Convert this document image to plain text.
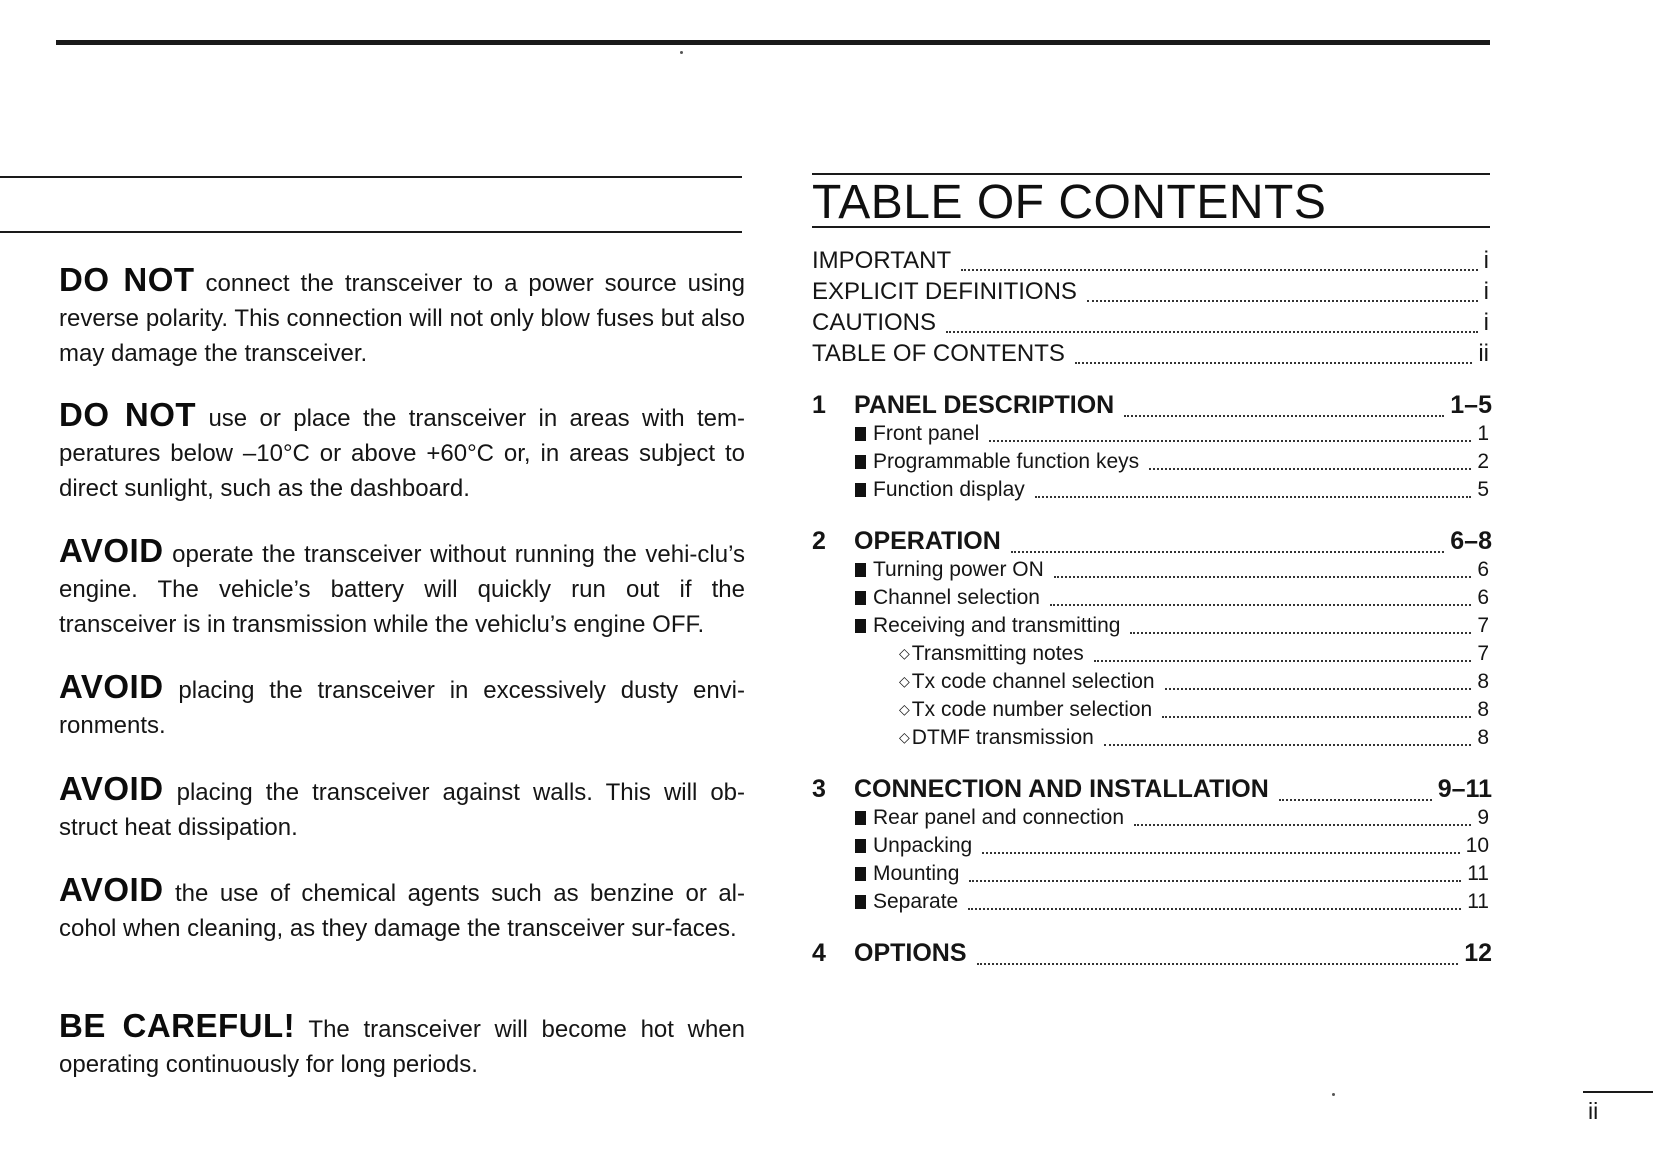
DO NOT connect the transceiver to a power source using reverse polarity. This connection will not only blow fuses but also may damage the transceiver.

DO NOT use or place the transceiver in areas with tem-peratures below –10°C or above +60°C or, in areas subject to direct sunlight, such as the dashboard.

AVOID operate the transceiver without running the vehi-clu’s engine. The vehicle’s battery will quickly run out if the transceiver is in transmission while the vehiclu’s engine OFF.

AVOID placing the transceiver in excessively dusty envi-ronments.

AVOID placing the transceiver against walls. This will ob-struct heat dissipation.

AVOID the use of chemical agents such as benzine or al-cohol when cleaning, as they damage the transceiver sur-faces.

BE CAREFUL! The transceiver will become hot when operating continuously for long periods.

TABLE OF CONTENTS
IMPORTANT	i
EXPLICIT DEFINITIONS	i
CAUTIONS	i
TABLE OF CONTENTS	ii
1 PANEL DESCRIPTION	1–5
Front panel	1
Programmable function keys	2
Function display	5
2 OPERATION	6–8
Turning power ON	6
Channel selection	6
Receiving and transmitting	7
◇Transmitting notes	7
◇Tx code channel selection	8
◇Tx code number selection	8
◇DTMF transmission	8
3 CONNECTION AND INSTALLATION	9–11
Rear panel and connection	9
Unpacking	10
Mounting	11
Separate	11
4 OPTIONS	12
ii
